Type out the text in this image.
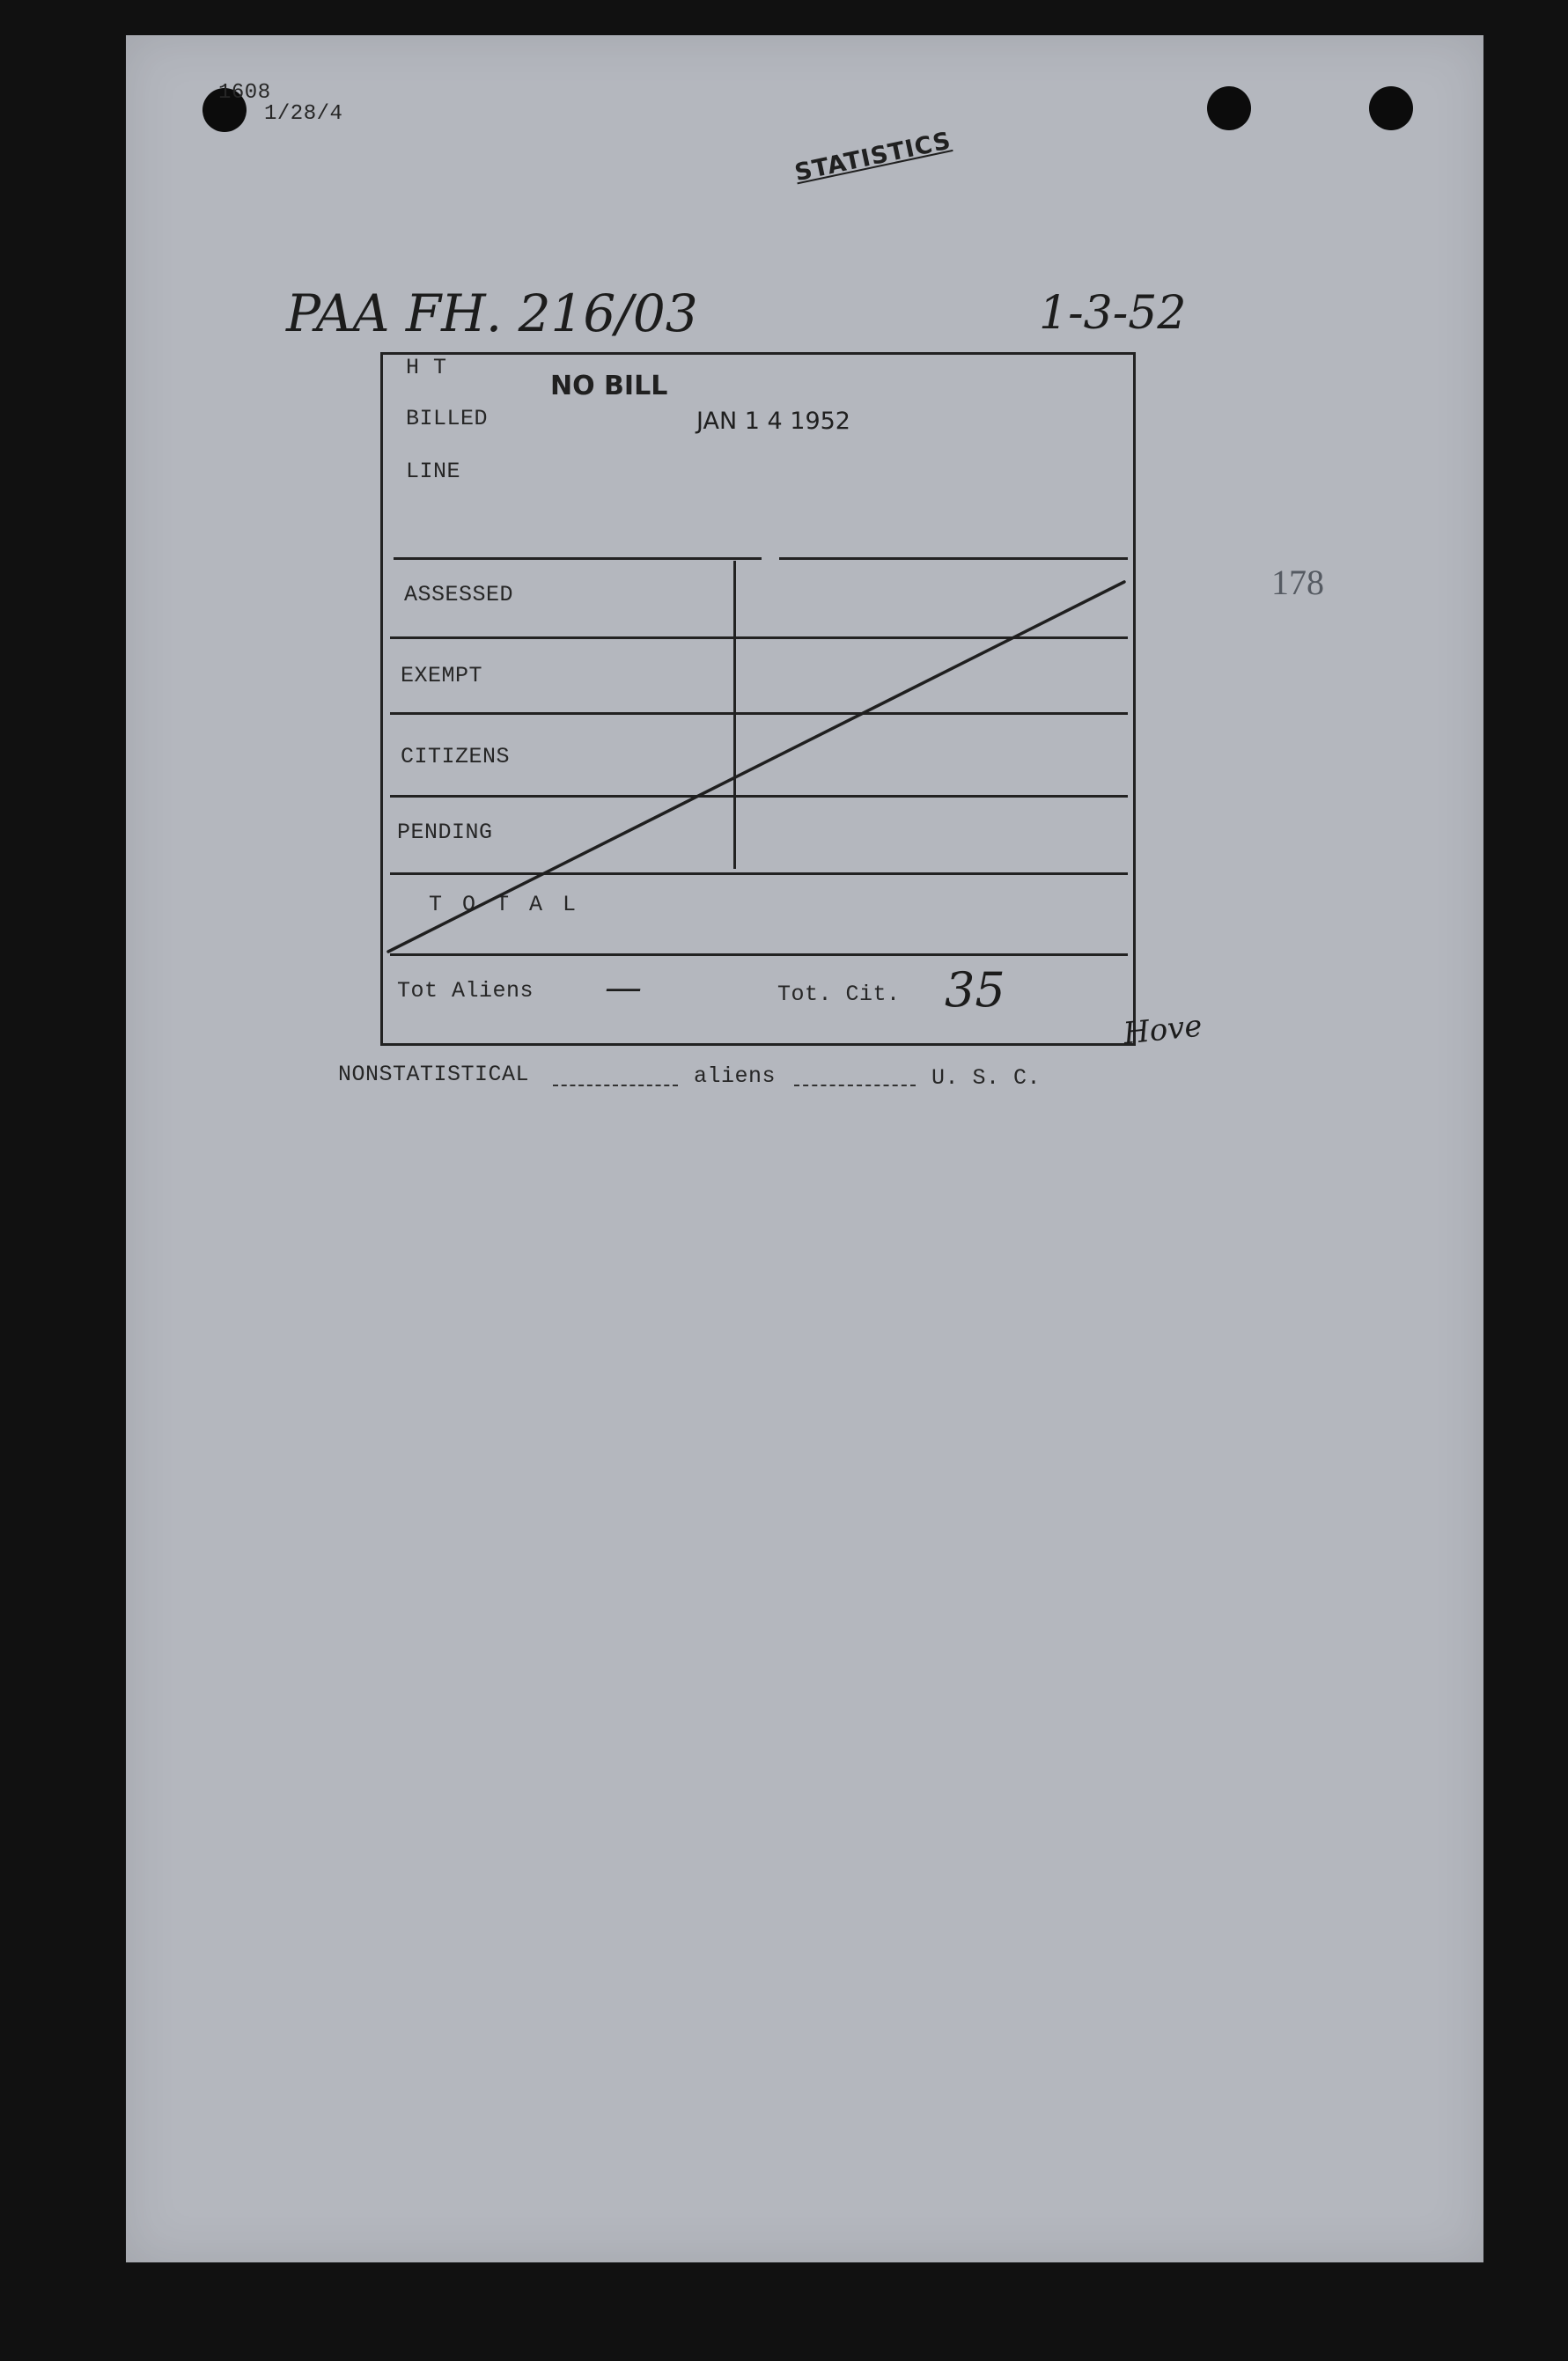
1608
1/28/4
STATISTICS
PAA FH. 216/03	1-3-52
178
H T
NO BILL
BILLED	JAN 1 4 1952
LINE
ASSESSED
EXEMPT
CITIZENS
PENDING
T O T A L
Tot Aliens —	Tot. Cit. 35
Hove
NONSTATISTICAL	aliens	U. S. C.
